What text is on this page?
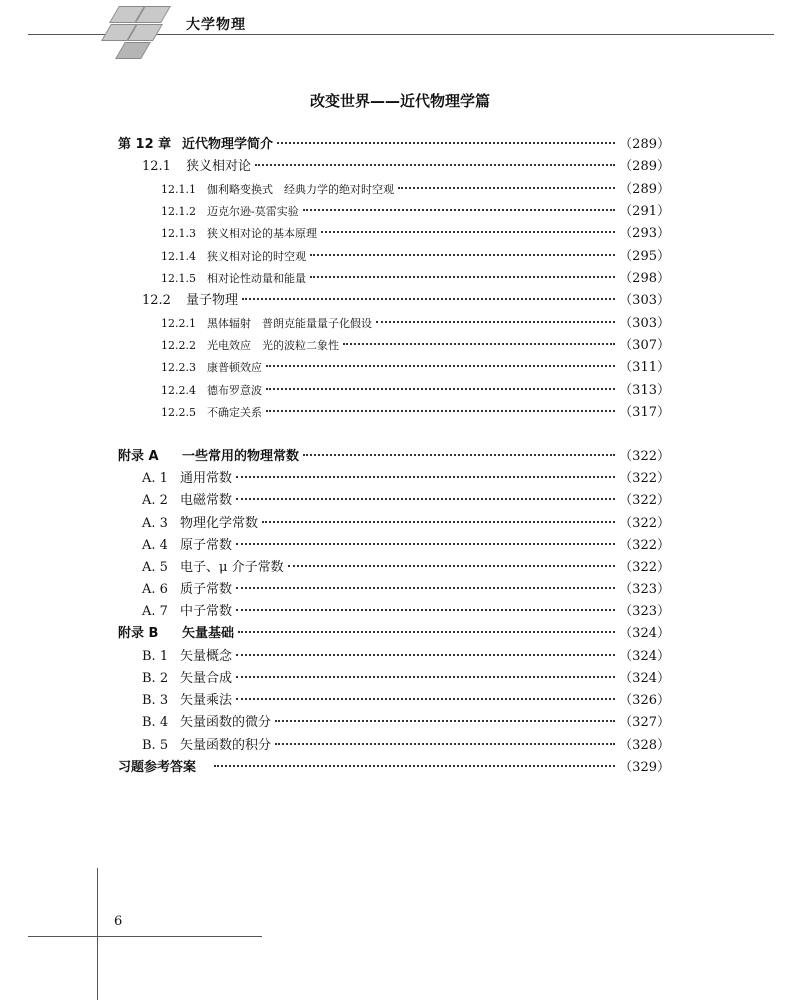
大学物理
改变世界——近代物理学篇
第 12 章 近代物理学简介	（289）
12.1	狭义相对论	（289）
12.1.1	伽利略变换式　经典力学的绝对时空观	（289）
12.1.2	迈克尔逊-莫雷实验	（291）
12.1.3	狭义相对论的基本原理	（293）
12.1.4	狭义相对论的时空观	（295）
12.1.5	相对论性动量和能量	（298）
12.2	量子物理	（303）
12.2.1	黑体辐射　普朗克能量量子化假设	（303）
12.2.2	光电效应　光的波粒二象性	（307）
12.2.3	康普顿效应	（311）
12.2.4	德布罗意波	（313）
12.2.5	不确定关系	（317）
附录 A	一些常用的物理常数	（322）
A. 1 通用常数	（322）
A. 2 电磁常数	（322）
A. 3 物理化学常数	（322）
A. 4 原子常数	（322）
A. 5 电子、μ 介子常数	（322）
A. 6 质子常数	（323）
A. 7 中子常数	（323）
附录 B	矢量基础	（324）
B. 1 矢量概念	（324）
B. 2 矢量合成	（324）
B. 3 矢量乘法	（326）
B. 4 矢量函数的微分	（327）
B. 5 矢量函数的积分	（328）
习题参考答案	（329）
6
